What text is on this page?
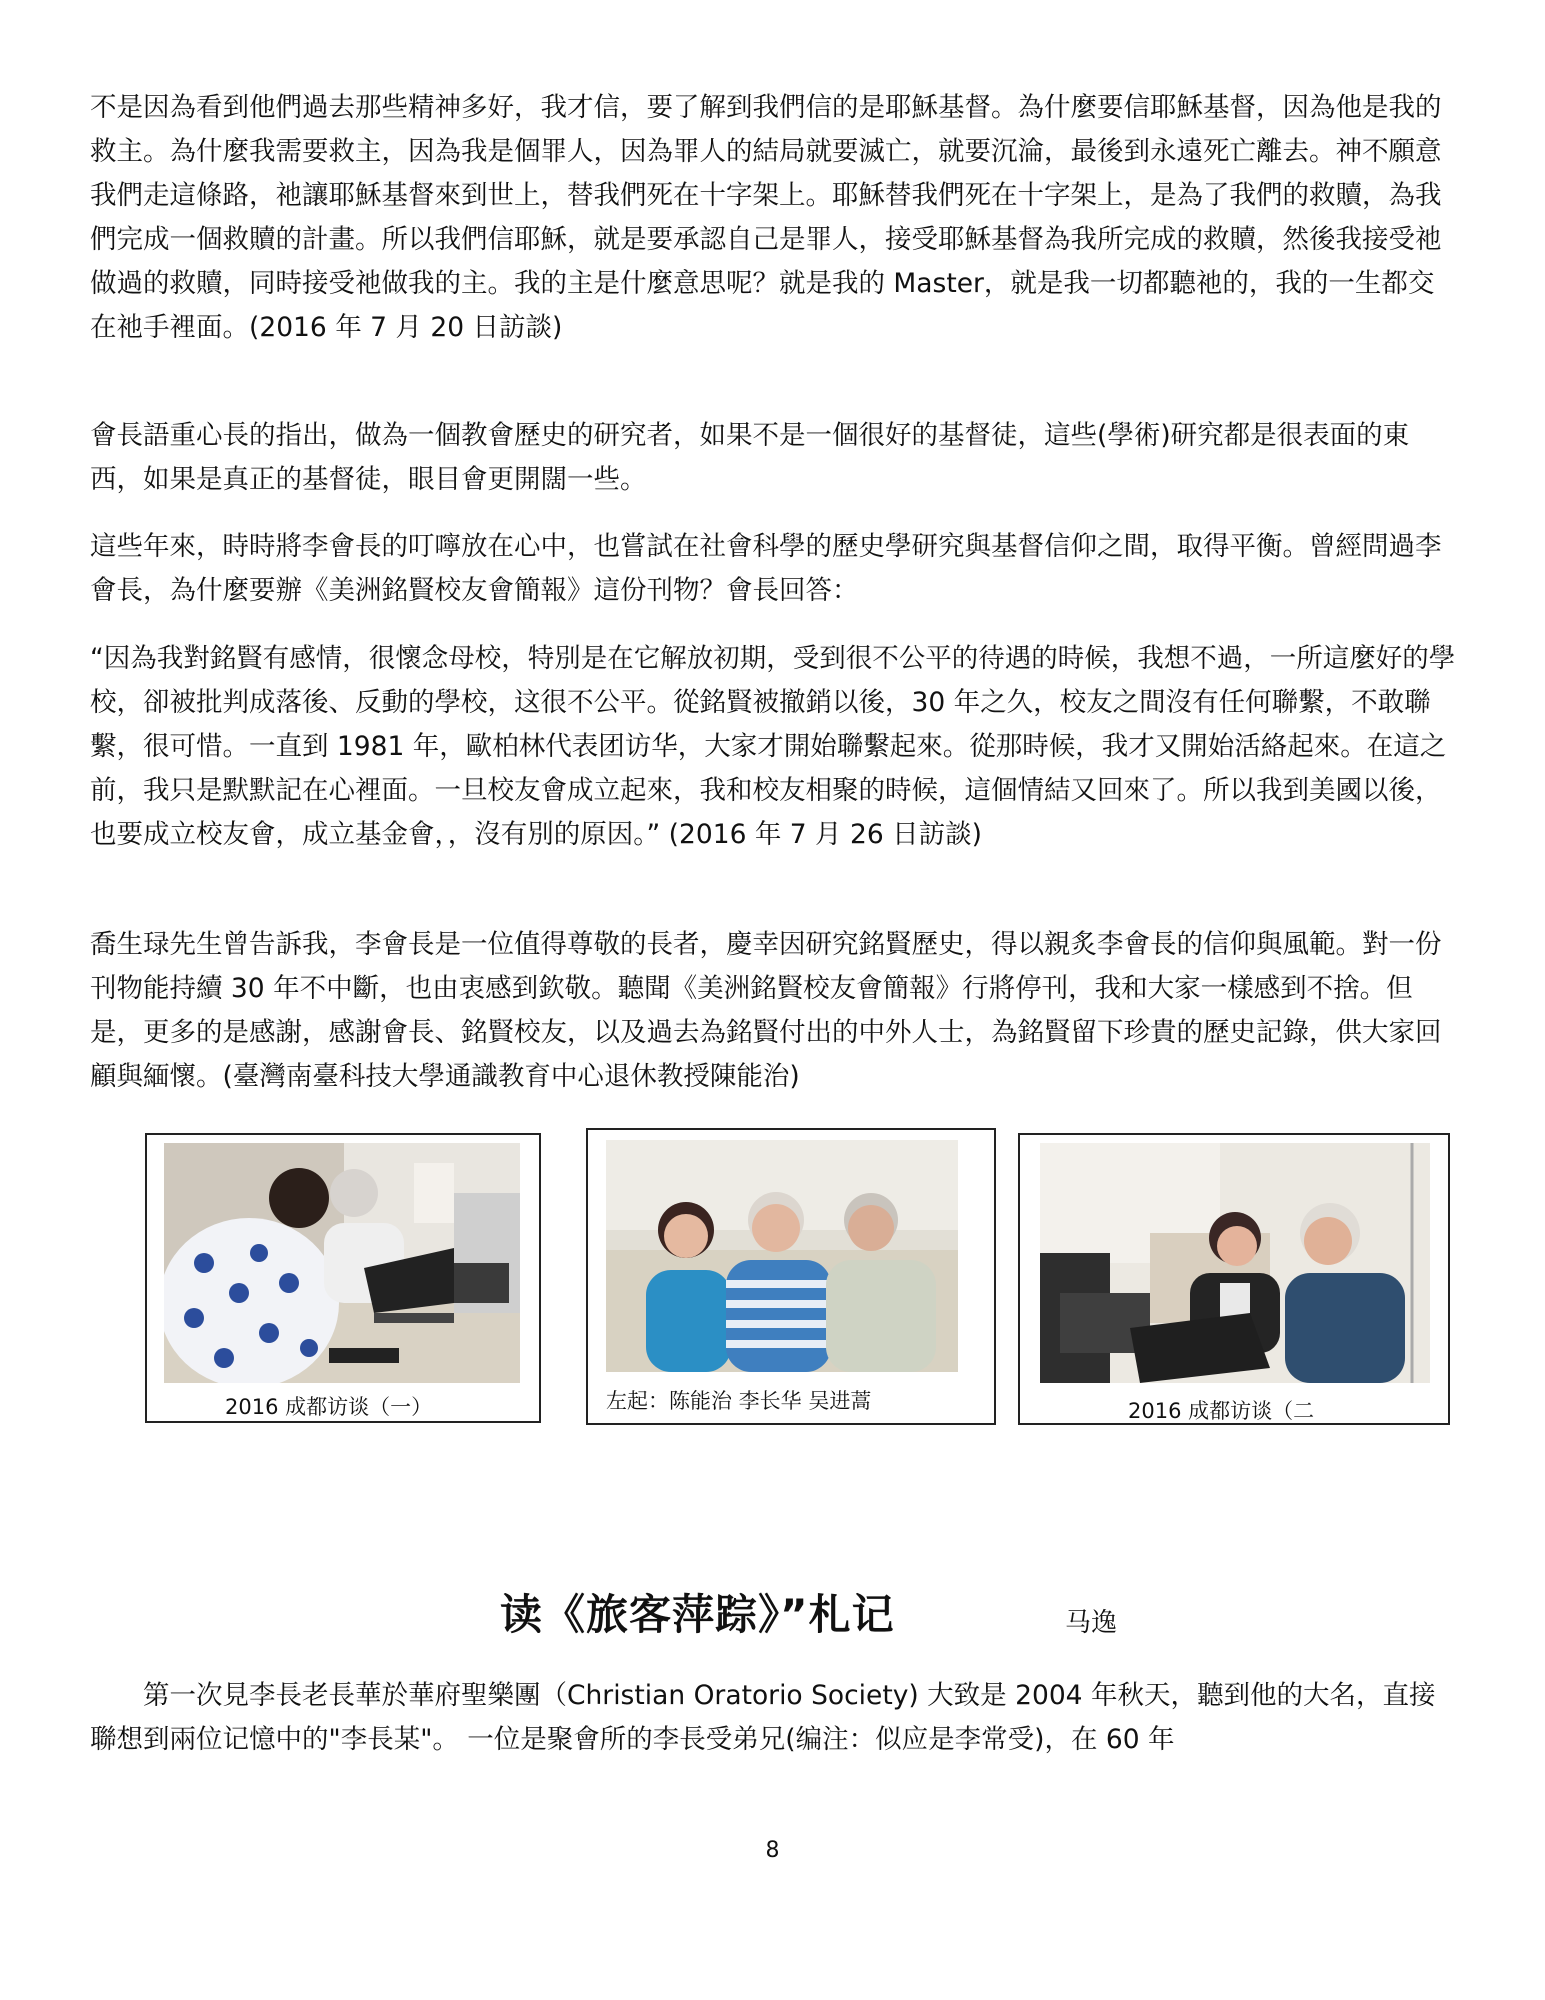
不是因為看到他們過去那些精神多好，我才信，要了解到我們信的是耶穌基督。為什麼要信耶穌基督，因為他是我的救主。為什麼我需要救主，因為我是個罪人，因為罪人的結局就要滅亡，就要沉淪，最後到永遠死亡離去。神不願意我們走這條路，祂讓耶穌基督來到世上，替我們死在十字架上。耶穌替我們死在十字架上，是為了我們的救贖，為我們完成一個救贖的計畫。所以我們信耶穌，就是要承認自己是罪人，接受耶穌基督為我所完成的救贖，然後我接受祂做過的救贖，同時接受祂做我的主。我的主是什麼意思呢？就是我的 Master，就是我一切都聽祂的，我的一生都交在祂手裡面。(2016 年 7 月 20 日訪談)

會長語重心長的指出，做為一個教會歷史的研究者，如果不是一個很好的基督徒，這些(學術)研究都是很表面的東西，如果是真正的基督徒，眼目會更開闊一些。

這些年來，時時將李會長的叮嚀放在心中，也嘗試在社會科學的歷史學研究與基督信仰之間，取得平衡。曾經問過李會長，為什麼要辦《美洲銘賢校友會簡報》這份刊物？會長回答：

“因為我對銘賢有感情，很懷念母校，特別是在它解放初期，受到很不公平的待遇的時候，我想不過，一所這麼好的學校，卻被批判成落後、反動的學校，这很不公平。從銘賢被撤銷以後，30 年之久，校友之間沒有任何聯繫，不敢聯繫，很可惜。一直到 1981 年，歐柏林代表团访华，大家才開始聯繫起來。從那時候，我才又開始活絡起來。在這之前，我只是默默記在心裡面。一旦校友會成立起來，我和校友相聚的時候，這個情結又回來了。所以我到美國以後，也要成立校友會，成立基金會，，沒有別的原因。” (2016 年 7 月 26 日訪談)

喬生琭先生曾告訴我，李會長是一位值得尊敬的長者，慶幸因研究銘賢歷史，得以親炙李會長的信仰與風範。對一份刊物能持續 30 年不中斷，也由衷感到欽敬。聽聞《美洲銘賢校友會簡報》行將停刊，我和大家一樣感到不捨。但是，更多的是感謝，感謝會長、銘賢校友，以及過去為銘賢付出的中外人士，為銘賢留下珍貴的歷史記錄，供大家回顧與緬懷。(臺灣南臺科技大學通識教育中心退休教授陳能治)

2016 成都访谈（一）	左起：陈能治 李长华 吴进蒿	2016 成都访谈（二
读《旅客萍踪》”札记	马逸

　　第一次見李長老長華於華府聖樂團（Christian Oratorio Society) 大致是 2004 年秋天，聽到他的大名，直接聯想到兩位记憶中的"李長某"。 一位是聚會所的李長受弟兄(编注：似应是李常受)，在 60 年

8
